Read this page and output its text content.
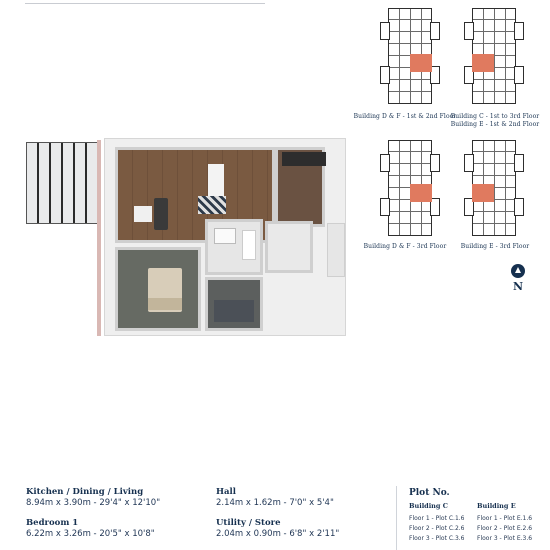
Building D & F - 1st & 2nd Floor
Building C - 1st to 3rd Floor
Building E - 1st & 2nd Floor
Building D & F - 3rd Floor	Building E - 3rd Floor
N
Kitchen / Dining / Living
8.94m x 3.90m - 29'4" x 12'10"
Bedroom 1
6.22m x 3.26m - 20'5" x 10'8"
Hall
2.14m x 1.62m - 7'0" x 5'4"
Utility / Store
2.04m x 0.90m - 6'8" x 2'11"
Plot No.
Building C
Floor 1 - Plot C.1.6
Floor 2 - Plot C.2.6
Floor 3 - Plot C.3.6
Building E
Floor 1 - Plot E.1.6
Floor 2 - Plot E.2.6
Floor 3 - Plot E.3.6
